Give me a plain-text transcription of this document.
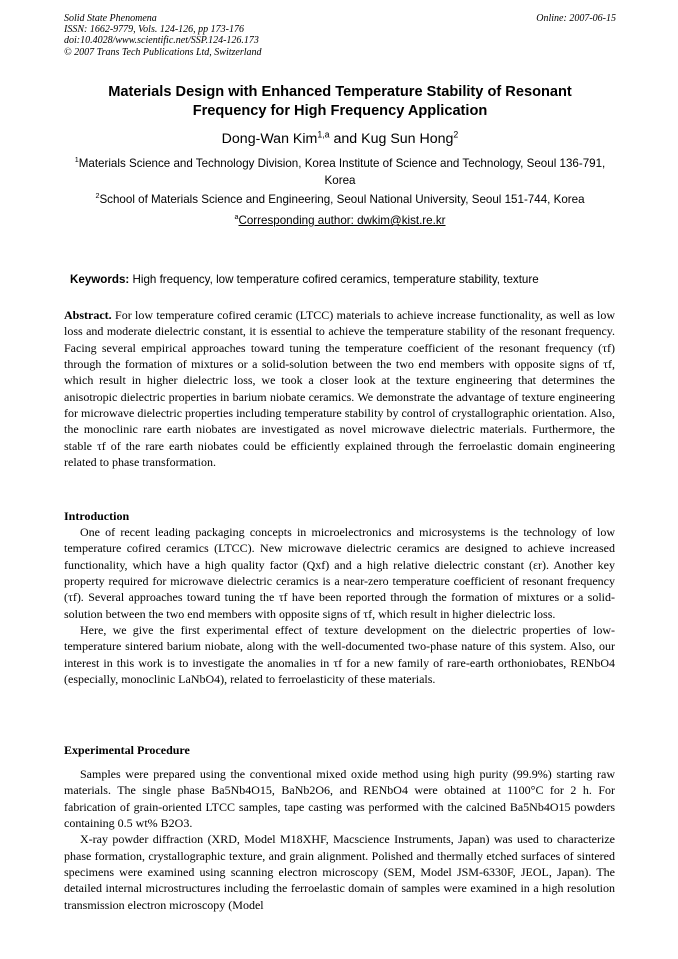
Solid State Phenomena
ISSN: 1662-9779, Vols. 124-126, pp 173-176
doi:10.4028/www.scientific.net/SSP.124-126.173
© 2007 Trans Tech Publications Ltd, Switzerland
Online: 2007-06-15
Materials Design with Enhanced Temperature Stability of Resonant
Frequency for High Frequency Application
Dong-Wan Kim$^{1,a}$ and Kug Sun Hong$^2$
$^1$Materials Science and Technology Division, Korea Institute of Science and Technology, Seoul 136-791, Korea
$^2$School of Materials Science and Engineering, Seoul National University, Seoul 151-744, Korea
$^a$Corresponding author: dwkim@kist.re.kr
Keywords: High frequency, low temperature cofired ceramics, temperature stability, texture

Abstract. For low temperature cofired ceramic (LTCC) materials to achieve increase functionality, as well as low loss and moderate dielectric constant, it is essential to achieve the temperature stability of the resonant frequency. Facing several empirical approaches toward tuning the temperature coefficient of the resonant frequency (τf) through the formation of mixtures or a solid-solution between the two end members with opposite signs of τf, which result in higher dielectric loss, we took a closer look at the texture engineering that determines the anisotropic dielectric properties in barium niobate ceramics. We demonstrate the advantage of texture engineering for microwave dielectric properties including temperature stability by control of crystallographic orientation. Also, the monoclinic rare earth niobates are investigated as novel microwave dielectric materials. Furthermore, the stable τf of the rare earth niobates could be efficiently explained through the ferroelastic domain engineering related to phase transformation.

Introduction

One of recent leading packaging concepts in microelectronics and microsystems is the technology of low temperature cofired ceramics (LTCC). New microwave dielectric ceramics are designed to achieve increased functionality, which have a high quality factor (Qxf) and a high relative dielectric constant (εr). Another key property required for microwave dielectric ceramics is a near-zero temperature coefficient of resonant frequency (τf). Several approaches toward tuning the τf have been reported through the formation of mixtures or a solid-solution between the two end members with opposite signs of τf, which result in higher dielectric loss.

Here, we give the first experimental effect of texture development on the dielectric properties of low-temperature sintered barium niobate, along with the well-documented two-phase nature of this system. Also, our interest in this work is to investigate the anomalies in τf for a new family of rare-earth orthoniobates, RENbO4 (especially, monoclinic LaNbO4), related to ferroelasticity of these materials.

Experimental Procedure

Samples were prepared using the conventional mixed oxide method using high purity (99.9%) starting raw materials. The single phase Ba5Nb4O15, BaNb2O6, and RENbO4 were obtained at 1100°C for 2 h. For fabrication of grain-oriented LTCC samples, tape casting was performed with the calcined Ba5Nb4O15 powders containing 0.5 wt% B2O3.

X-ray powder diffraction (XRD, Model M18XHF, Macscience Instruments, Japan) was used to characterize phase formation, crystallographic texture, and grain alignment. Polished and thermally etched surfaces of sintered specimens were examined using scanning electron microscopy (SEM, Model JSM-6330F, JEOL, Japan). The detailed internal microstructures including the ferroelastic domain of samples were examined in a high resolution transmission electron microscopy (Model
